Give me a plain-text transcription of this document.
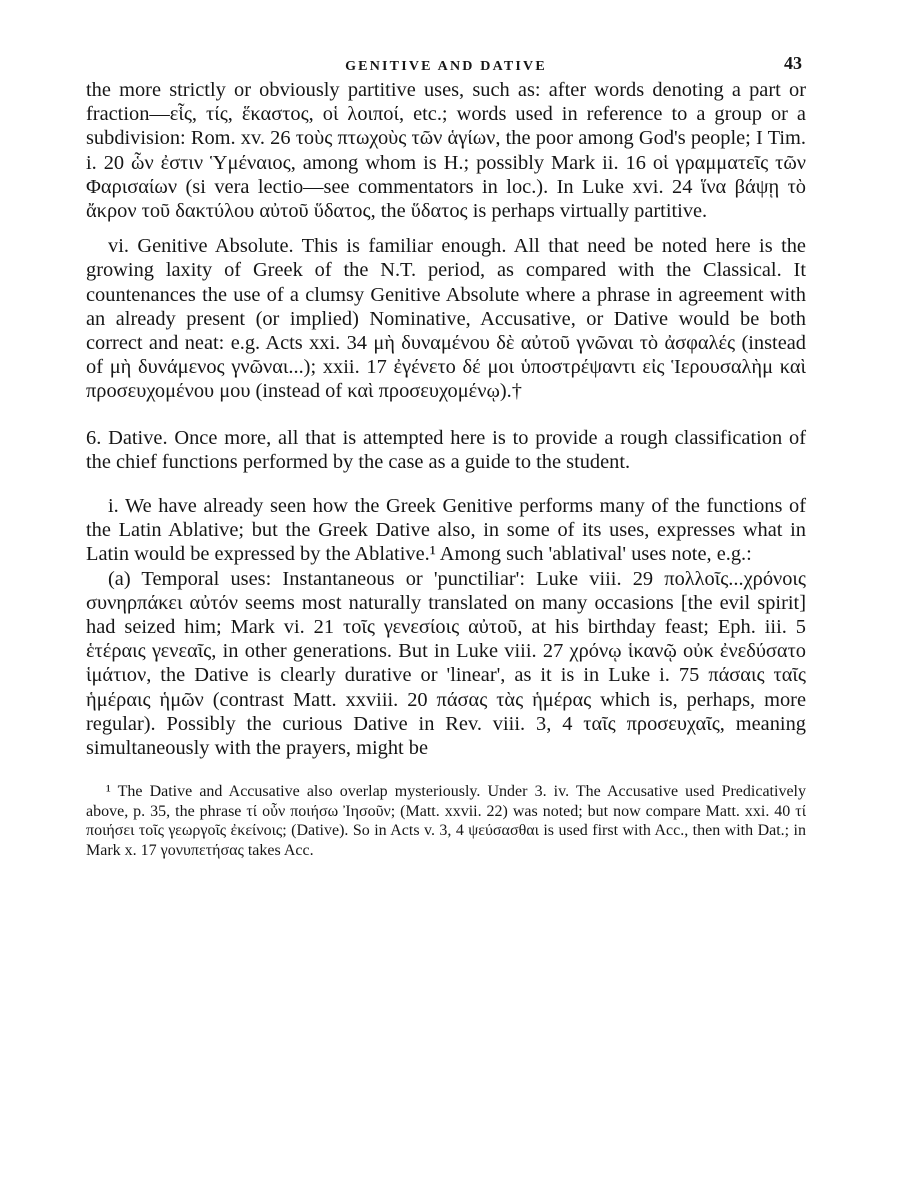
GENITIVE AND DATIVE	43

the more strictly or obviously partitive uses, such as: after words denoting a part or fraction—εἷς, τίς, ἕκαστος, οἱ λοιποί, etc.; words used in reference to a group or a subdivision: Rom. xv. 26 τοὺς πτωχοὺς τῶν ἁγίων, the poor among God's people; I Tim. i. 20 ὧν ἐστιν Ὑμέναιος, among whom is H.; possibly Mark ii. 16 οἱ γραμματεῖς τῶν Φαρισαίων (si vera lectio—see commentators in loc.). In Luke xvi. 24 ἵνα βάψῃ τὸ ἄκρον τοῦ δακτύλου αὐτοῦ ὕδατος, the ὕδατος is perhaps virtually partitive.

vi. Genitive Absolute. This is familiar enough. All that need be noted here is the growing laxity of Greek of the N.T. period, as compared with the Classical. It countenances the use of a clumsy Genitive Absolute where a phrase in agreement with an already present (or implied) Nominative, Accusative, or Dative would be both correct and neat: e.g. Acts xxi. 34 μὴ δυναμένου δὲ αὐτοῦ γνῶναι τὸ ἀσφαλές (instead of μὴ δυνάμενος γνῶναι...); xxii. 17 ἐγένετο δέ μοι ὑποστρέψαντι εἰς Ἱερουσαλὴμ καὶ προσευχομένου μου (instead of καὶ προσευχομένῳ).†

6. Dative. Once more, all that is attempted here is to provide a rough classification of the chief functions performed by the case as a guide to the student.

i. We have already seen how the Greek Genitive performs many of the functions of the Latin Ablative; but the Greek Dative also, in some of its uses, expresses what in Latin would be expressed by the Ablative.¹ Among such 'ablatival' uses note, e.g.:

(a) Temporal uses: Instantaneous or 'punctiliar': Luke viii. 29 πολλοῖς...χρόνοις συνηρπάκει αὐτόν seems most naturally translated on many occasions [the evil spirit] had seized him; Mark vi. 21 τοῖς γενεσίοις αὐτοῦ, at his birthday feast; Eph. iii. 5 ἑτέραις γενεαῖς, in other generations. But in Luke viii. 27 χρόνῳ ἱκανῷ οὐκ ἐνεδύσατο ἱμάτιον, the Dative is clearly durative or 'linear', as it is in Luke i. 75 πάσαις ταῖς ἡμέραις ἡμῶν (contrast Matt. xxviii. 20 πάσας τὰς ἡμέρας which is, perhaps, more regular). Possibly the curious Dative in Rev. viii. 3, 4 ταῖς προσευχαῖς, meaning simultaneously with the prayers, might be

¹ The Dative and Accusative also overlap mysteriously. Under 3. iv. The Accusative used Predicatively above, p. 35, the phrase τί οὖν ποιήσω Ἰησοῦν; (Matt. xxvii. 22) was noted; but now compare Matt. xxi. 40 τί ποιήσει τοῖς γεωργοῖς ἐκείνοις; (Dative). So in Acts v. 3, 4 ψεύσασθαι is used first with Acc., then with Dat.; in Mark x. 17 γονυπετήσας takes Acc.
